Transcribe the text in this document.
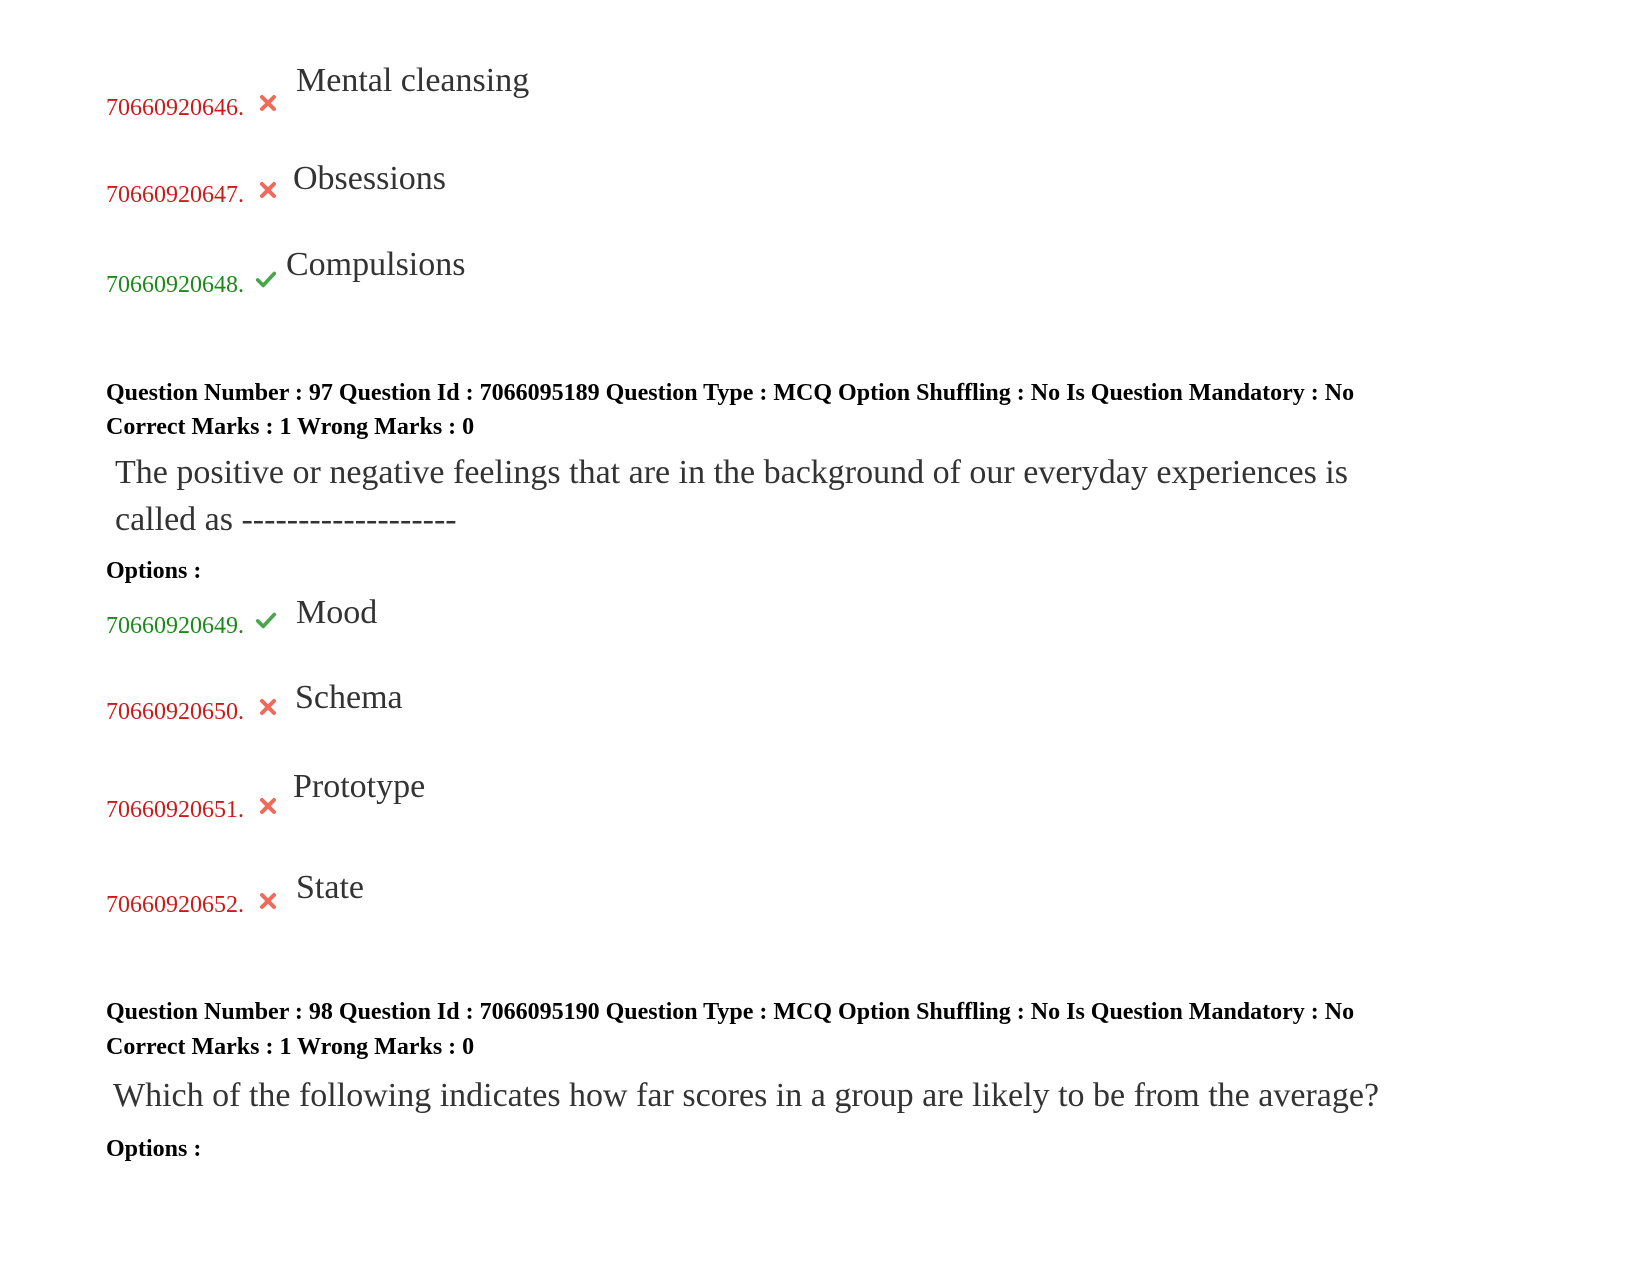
70660920646.
Mental cleansing
70660920647. Obsessions
70660920648.
Compulsions
Question Number : 97 Question Id : 7066095189 Question Type : MCQ Option Shuffling : No Is Question Mandatory : No
Correct Marks : 1 Wrong Marks : 0
The positive or negative feelings that are in the background of our everyday experiences is
called as -------------------
Options :
70660920649. Mood
70660920650. Schema
70660920651.
Prototype
70660920652. State
Question Number : 98 Question Id : 7066095190 Question Type : MCQ Option Shuffling : No Is Question Mandatory : No
Correct Marks : 1 Wrong Marks : 0
Which of the following indicates how far scores in a group are likely to be from the average?
Options :
